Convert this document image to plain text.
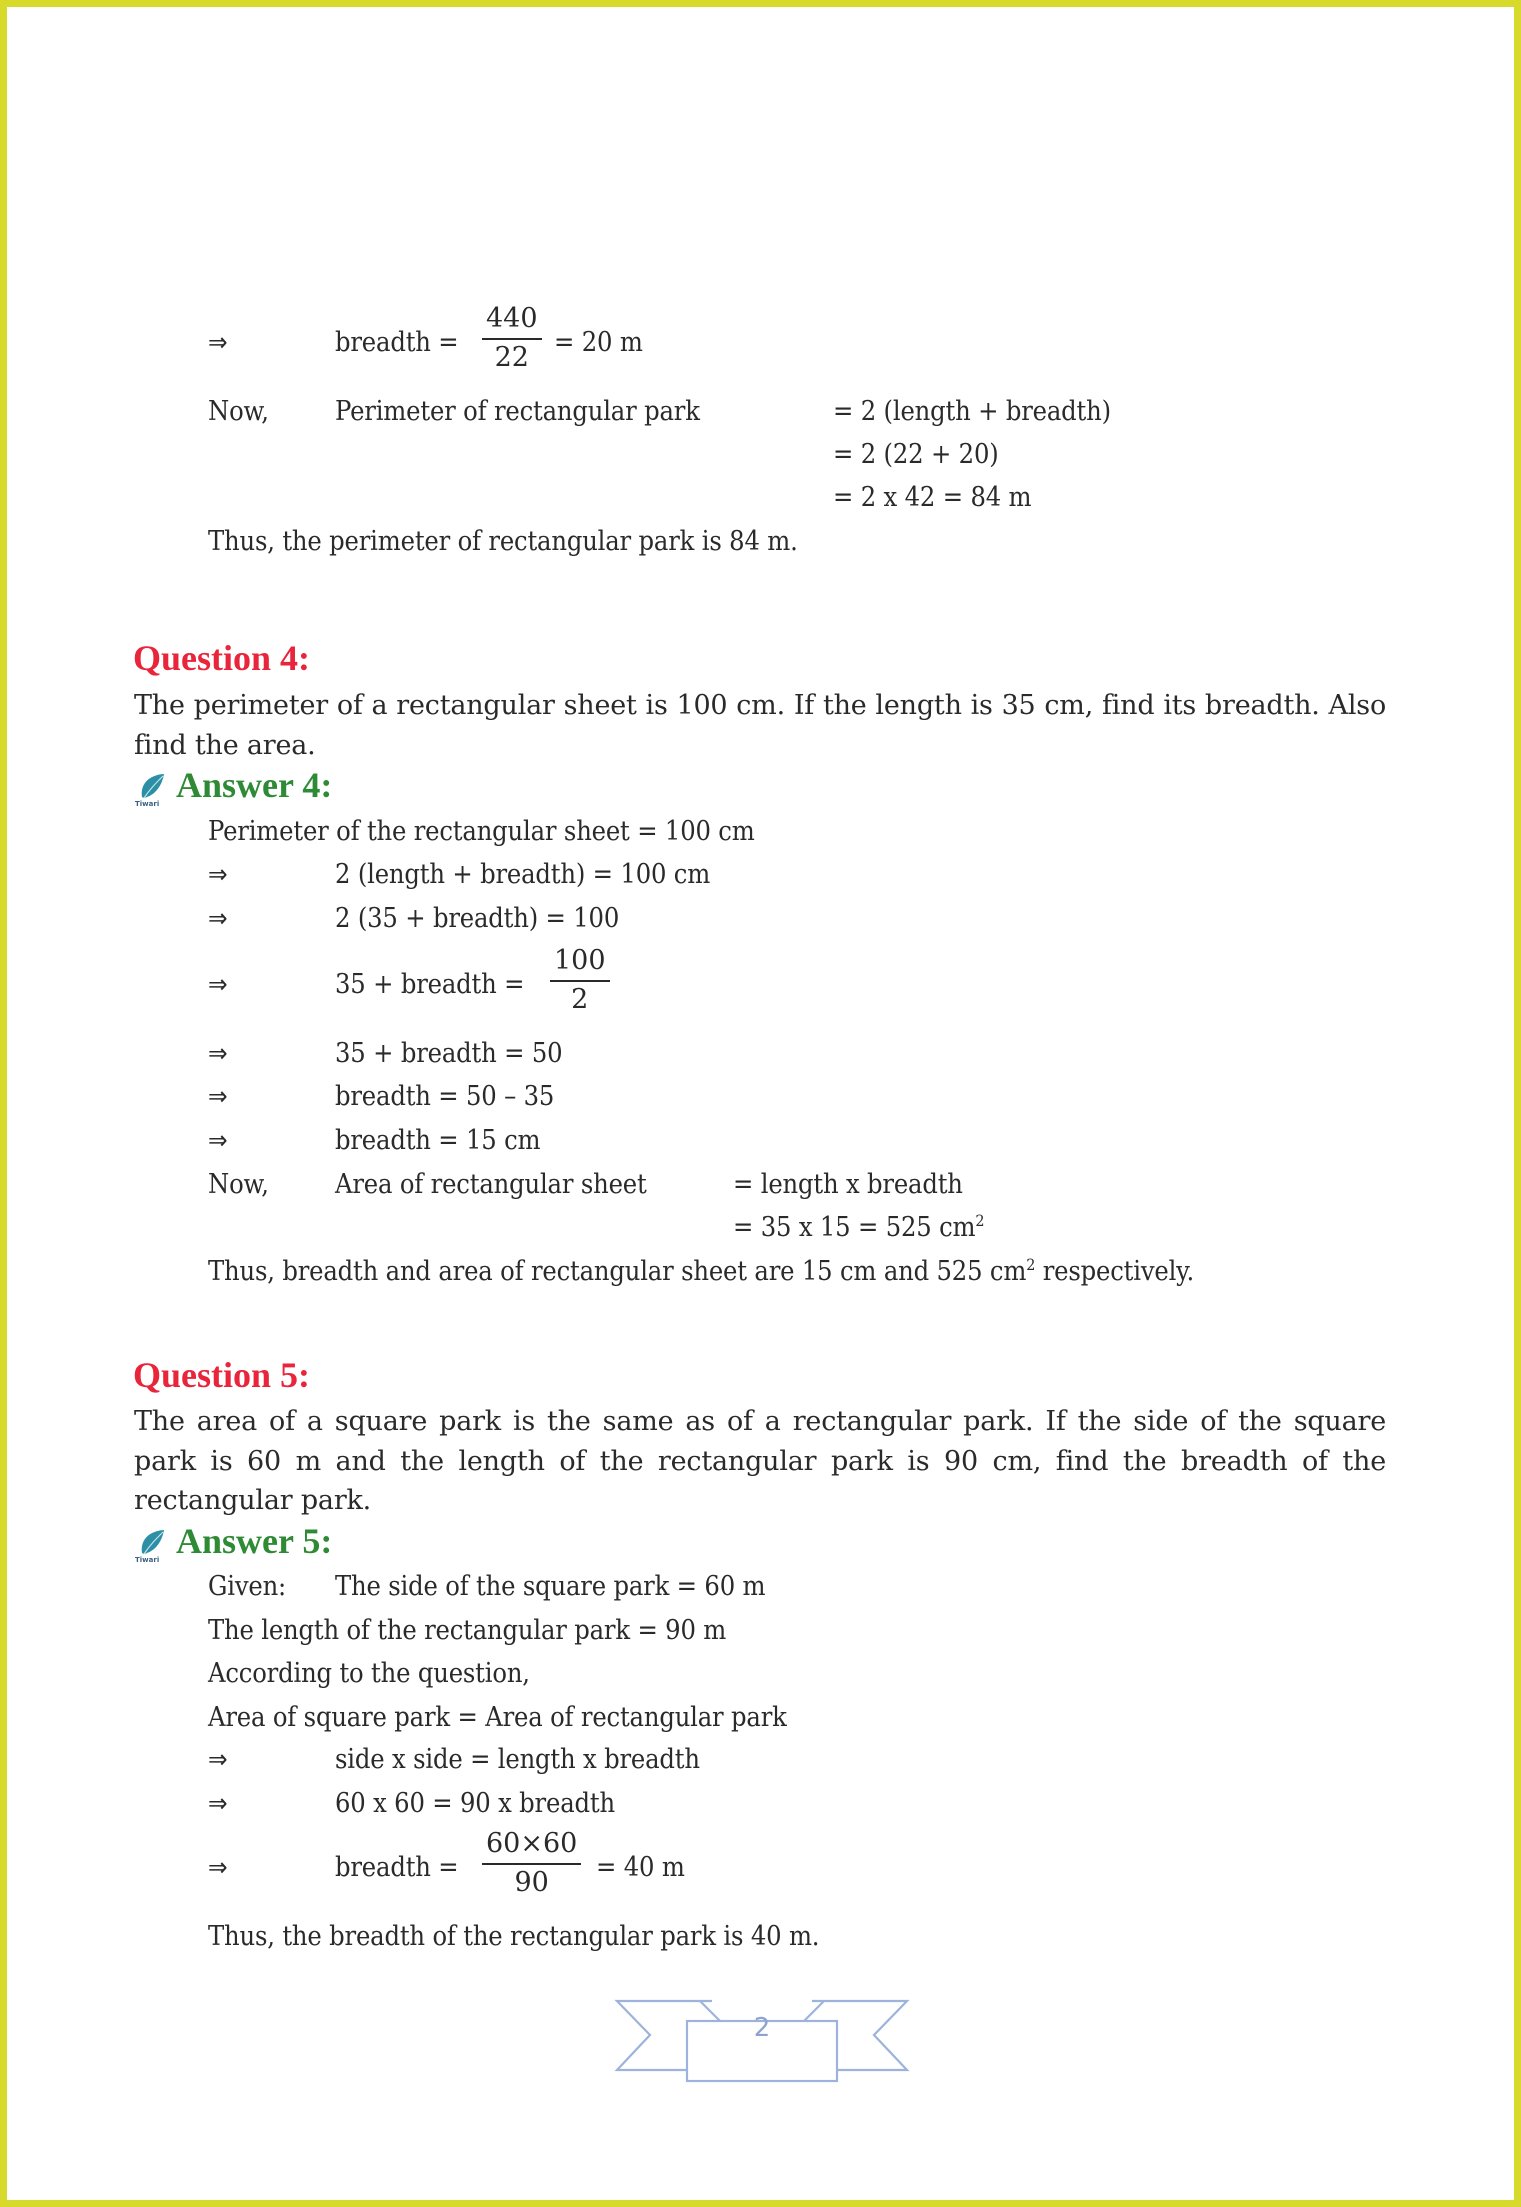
⇒	breadth = $\frac{440}{22} = 20$ m
Now, Perimeter of rectangular park	= 2 (length + breadth)
= 2 (22 + 20)
= 2 x 42 = 84 m
Thus, the perimeter of rectangular park is 84 m.
Question 4:
The perimeter of a rectangular sheet is 100 cm. If the length is 35 cm, find its breadth. Also find the area.
Tiwari Answer 4:
Perimeter of the rectangular sheet = 100 cm
⇒	2 (length + breadth) = 100 cm
⇒	2 (35 + breadth) = 100
⇒	35 + breadth = $\frac{100}{2}$
⇒	35 + breadth = 50
⇒	breadth = 50 – 35
⇒	breadth = 15 cm
Now, Area of rectangular sheet	= length x breadth
= 35 x 15 = 525 $cm^2$
Thus, breadth and area of rectangular sheet are 15 cm and 525 $cm^2$ respectively.
Question 5:
The area of a square park is the same as of a rectangular park. If the side of the square park is 60 m and the length of the rectangular park is 90 cm, find the breadth of the rectangular park.
Tiwari Answer 5:
Given: The side of the square park = 60 m
The length of the rectangular park = 90 m
According to the question,
Area of square park = Area of rectangular park
⇒	side x side = length x breadth
⇒	60 x 60 = 90 x breadth
⇒	breadth = $\frac{60\times 60}{90} = 40$ m
Thus, the breadth of the rectangular park is 40 m.
2
